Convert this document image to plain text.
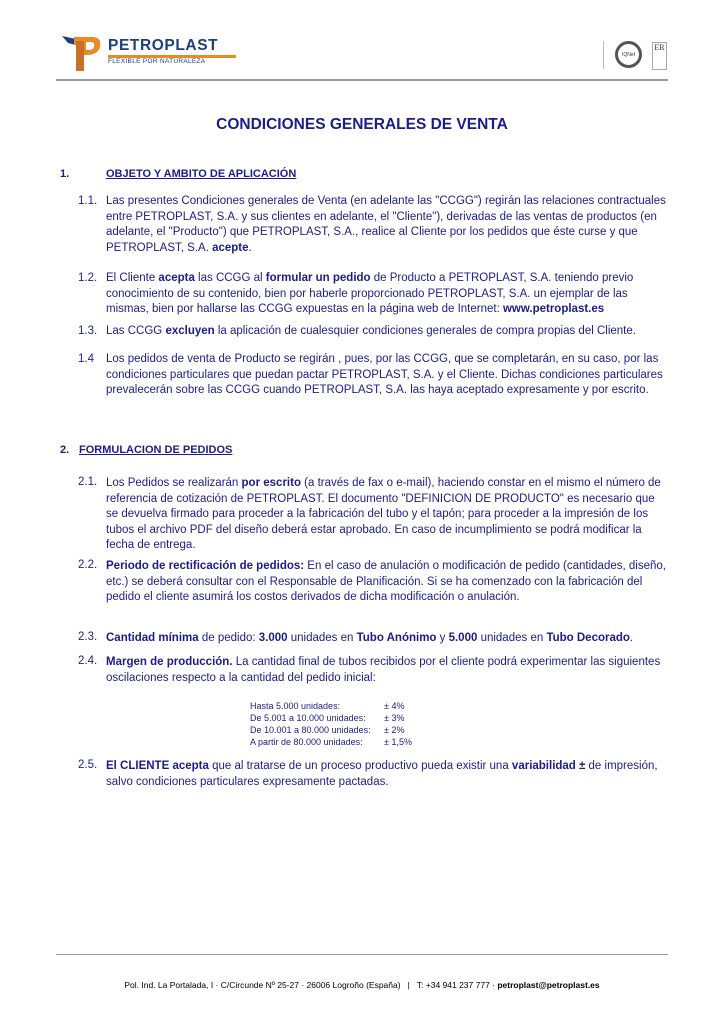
PETROPLAST
FLEXIBLE POR NATURALEZA
IQNet
ER
CONDICIONES GENERALES DE VENTA
1.	OBJETO Y AMBITO DE APLICACIÓN
1.1. Las presentes Condiciones generales de Venta (en adelante las "CCGG") regirán las relaciones contractuales entre PETROPLAST, S.A. y sus clientes en adelante, el "Cliente"), derivadas de las ventas de productos (en adelante, el "Producto") que PETROPLAST, S.A., realice al Cliente por los pedidos que éste curse y que PETROPLAST, S.A. acepte.
1.2. El Cliente acepta las CCGG al formular un pedido de Producto a PETROPLAST, S.A. teniendo previo conocimiento de su contenido, bien por haberle proporcionado PETROPLAST, S.A. un ejemplar de las mismas, bien por hallarse las CCGG expuestas en la página web de Internet: www.petroplast.es
1.3. Las CCGG excluyen la aplicación de cualesquier condiciones generales de compra propias del Cliente.
1.4 Los pedidos de venta de Producto se regirán , pues, por las CCGG, que se completarán, en su caso, por las condiciones particulares que puedan pactar PETROPLAST, S.A. y el Cliente. Dichas condiciones particulares prevalecerán sobre las CCGG cuando PETROPLAST, S.A. las haya aceptado expresamente y por escrito.
2. FORMULACION DE PEDIDOS
2.1. Los Pedidos se realizarán por escrito (a través de fax o e-mail), haciendo constar en el mismo el número de referencia de cotización de PETROPLAST. El documento "DEFINICION DE PRODUCTO" es necesario que se devuelva firmado para proceder a la fabricación del tubo y el tapón; para proceder a la impresión de los tubos el archivo PDF del diseño deberá estar aprobado. En caso de incumplimiento se podrá modificar la fecha de entrega.
2.2. Periodo de rectificación de pedidos: En el caso de anulación o modificación de pedido (cantidades, diseño, etc.) se deberá consultar con el Responsable de Planificación. Si se ha comenzado con la fabricación del pedido el cliente asumirá los costos derivados de dicha modificación o anulación.
2.3. Cantidad mínima de pedido: 3.000 unidades en Tubo Anónimo y 5.000 unidades en Tubo Decorado.
2.4. Margen de producción. La cantidad final de tubos recibidos por el cliente podrá experimentar las siguientes oscilaciones respecto a la cantidad del pedido inicial:
Hasta 5.000 unidades:	± 4%
De 5.001 a 10.000 unidades:	± 3%
De 10.001 a 80.000 unidades:	± 2%
A partir de 80.000 unidades:	± 1,5%
2.5. El CLIENTE acepta que al tratarse de un proceso productivo pueda existir una variabilidad ± de impresión, salvo condiciones particulares expresamente pactadas.
Pol. Ind. La Portalada, I · C/Circunde Nº 25-27 · 26006 Logroño (España)   |   T: +34 941 237 777 · petroplast@petroplast.es
